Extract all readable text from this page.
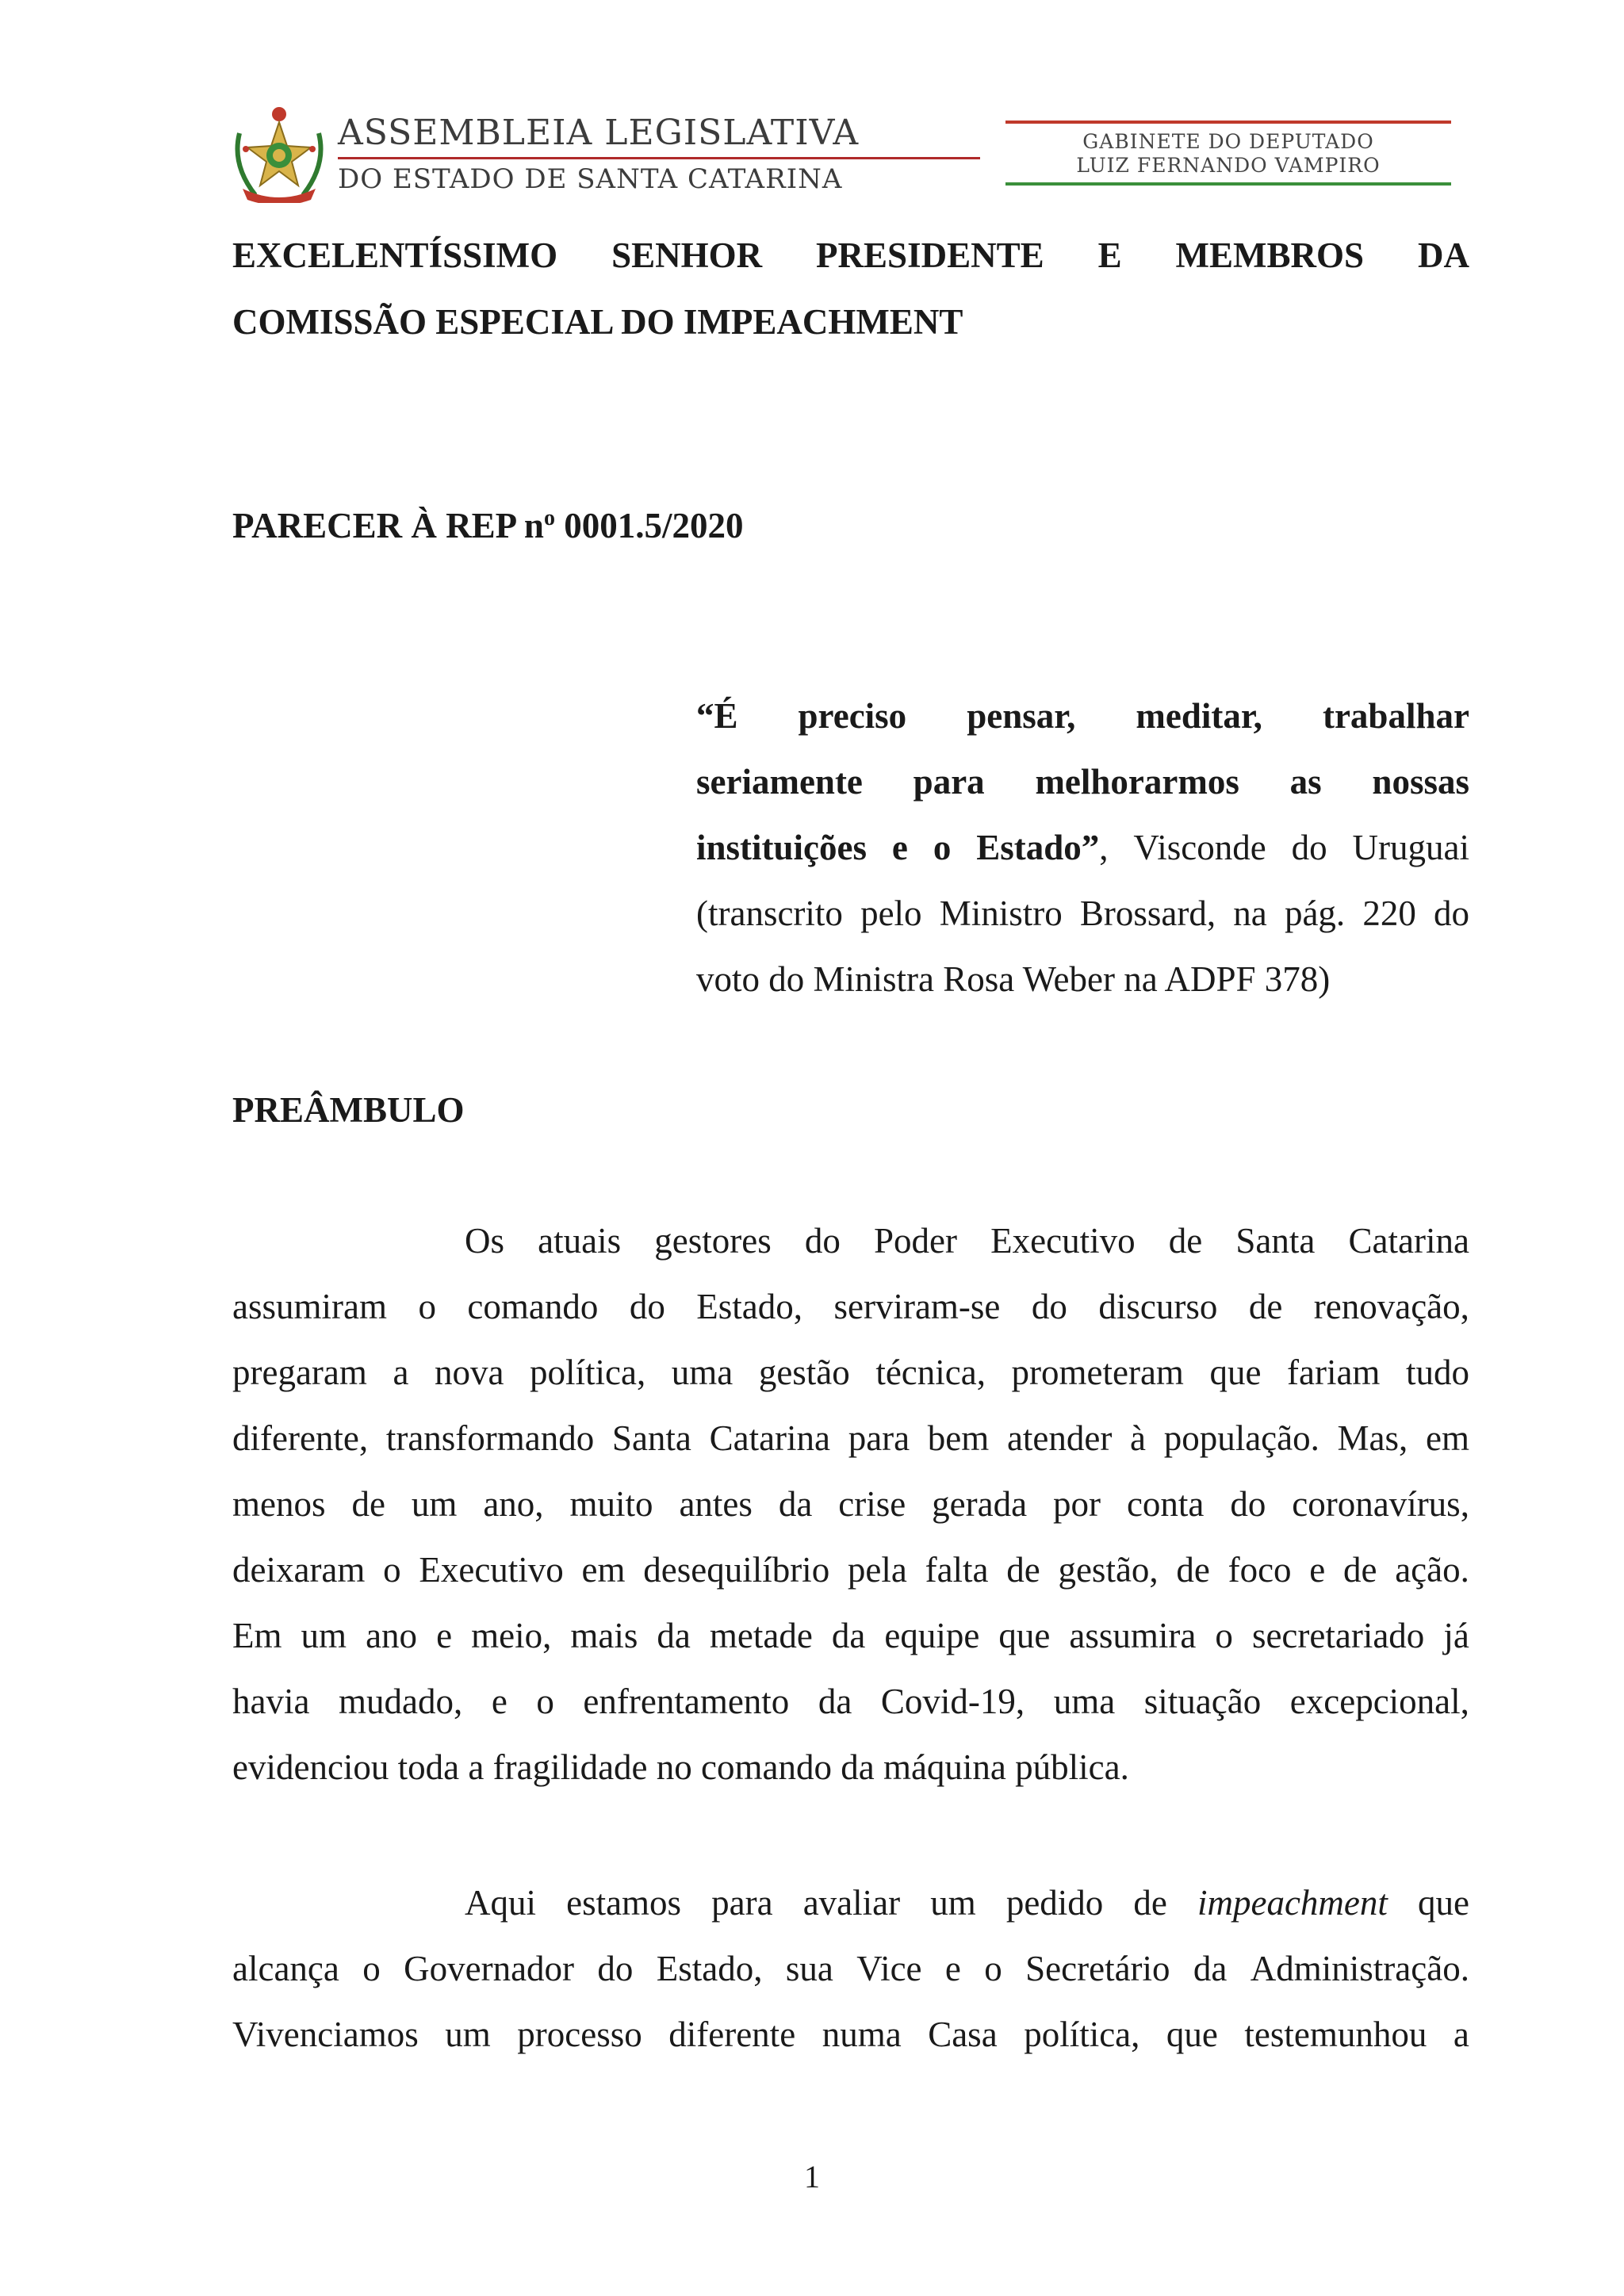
ASSEMBLEIA LEGISLATIVA
DO ESTADO DE SANTA CATARINA
GABINETE DO DEPUTADO
LUIZ FERNANDO VAMPIRO
EXCELENTÍSSIMO SENHOR PRESIDENTE E MEMBROS DA
COMISSÃO ESPECIAL DO IMPEACHMENT
PARECER À REP $n^o$ 0001.5/2020
“É preciso pensar, meditar, trabalhar
seriamente para melhorarmos as nossas
instituições e o Estado”, Visconde do Uruguai
(transcrito pelo Ministro Brossard, na pág. 220 do
voto do Ministra Rosa Weber na ADPF 378)
PREÂMBULO
Os atuais gestores do Poder Executivo de Santa Catarina
assumiram o comando do Estado, serviram-se do discurso de renovação,
pregaram a nova política, uma gestão técnica, prometeram que fariam tudo
diferente, transformando Santa Catarina para bem atender à população. Mas, em
menos de um ano, muito antes da crise gerada por conta do coronavírus,
deixaram o Executivo em desequilíbrio pela falta de gestão, de foco e de ação.
Em um ano e meio, mais da metade da equipe que assumira o secretariado já
havia mudado, e o enfrentamento da Covid-19, uma situação excepcional,
evidenciou toda a fragilidade no comando da máquina pública.
Aqui estamos para avaliar um pedido de impeachment que
alcança o Governador do Estado, sua Vice e o Secretário da Administração.
Vivenciamos um processo diferente numa Casa política, que testemunhou a
1
